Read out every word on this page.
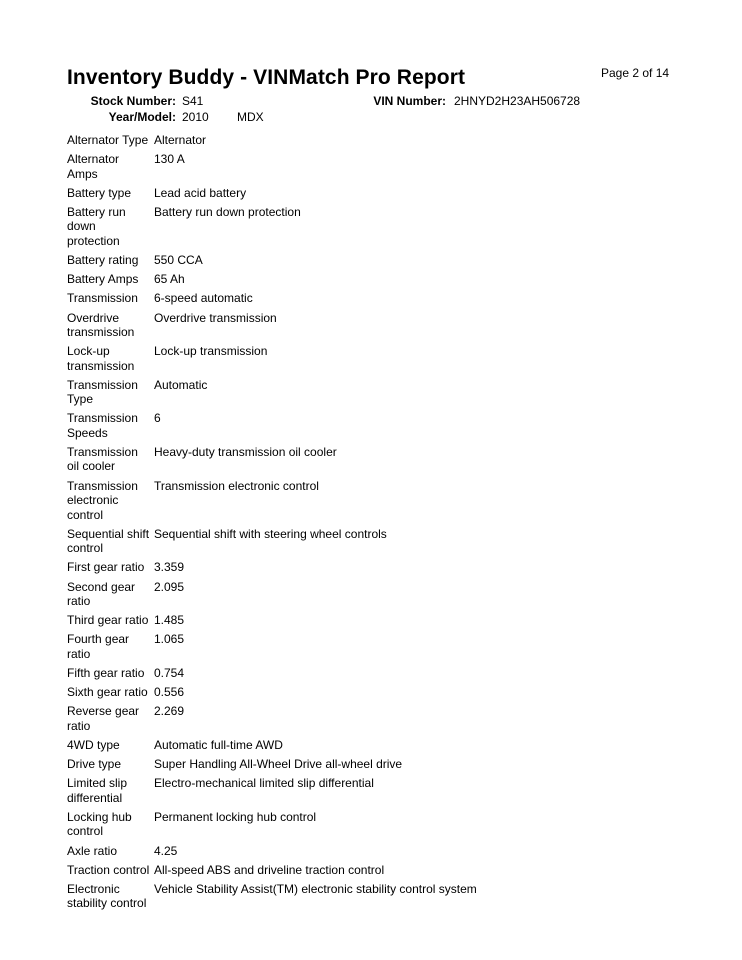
Inventory Buddy - VINMatch Pro Report	Page 2 of 14
Stock Number: S41	VIN Number: 2HNYD2H23AH506728
Year/Model: 2010 MDX
Alternator Type	Alternator
Alternator Amps	130 A
Battery type	Lead acid battery
Battery run down protection	Battery run down protection
Battery rating	550 CCA
Battery Amps	65 Ah
Transmission	6-speed automatic
Overdrive transmission	Overdrive transmission
Lock-up transmission	Lock-up transmission
Transmission Type	Automatic
Transmission Speeds	6
Transmission oil cooler	Heavy-duty transmission oil cooler
Transmission electronic control	Transmission electronic control
Sequential shift control	Sequential shift with steering wheel controls
First gear ratio	3.359
Second gear ratio	2.095
Third gear ratio	1.485
Fourth gear ratio	1.065
Fifth gear ratio	0.754
Sixth gear ratio	0.556
Reverse gear ratio	2.269
4WD type	Automatic full-time AWD
Drive type	Super Handling All-Wheel Drive all-wheel drive
Limited slip differential	Electro-mechanical limited slip differential
Locking hub control	Permanent locking hub control
Axle ratio	4.25
Traction control	All-speed ABS and driveline traction control
Electronic stability control	Vehicle Stability Assist(TM) electronic stability control system
